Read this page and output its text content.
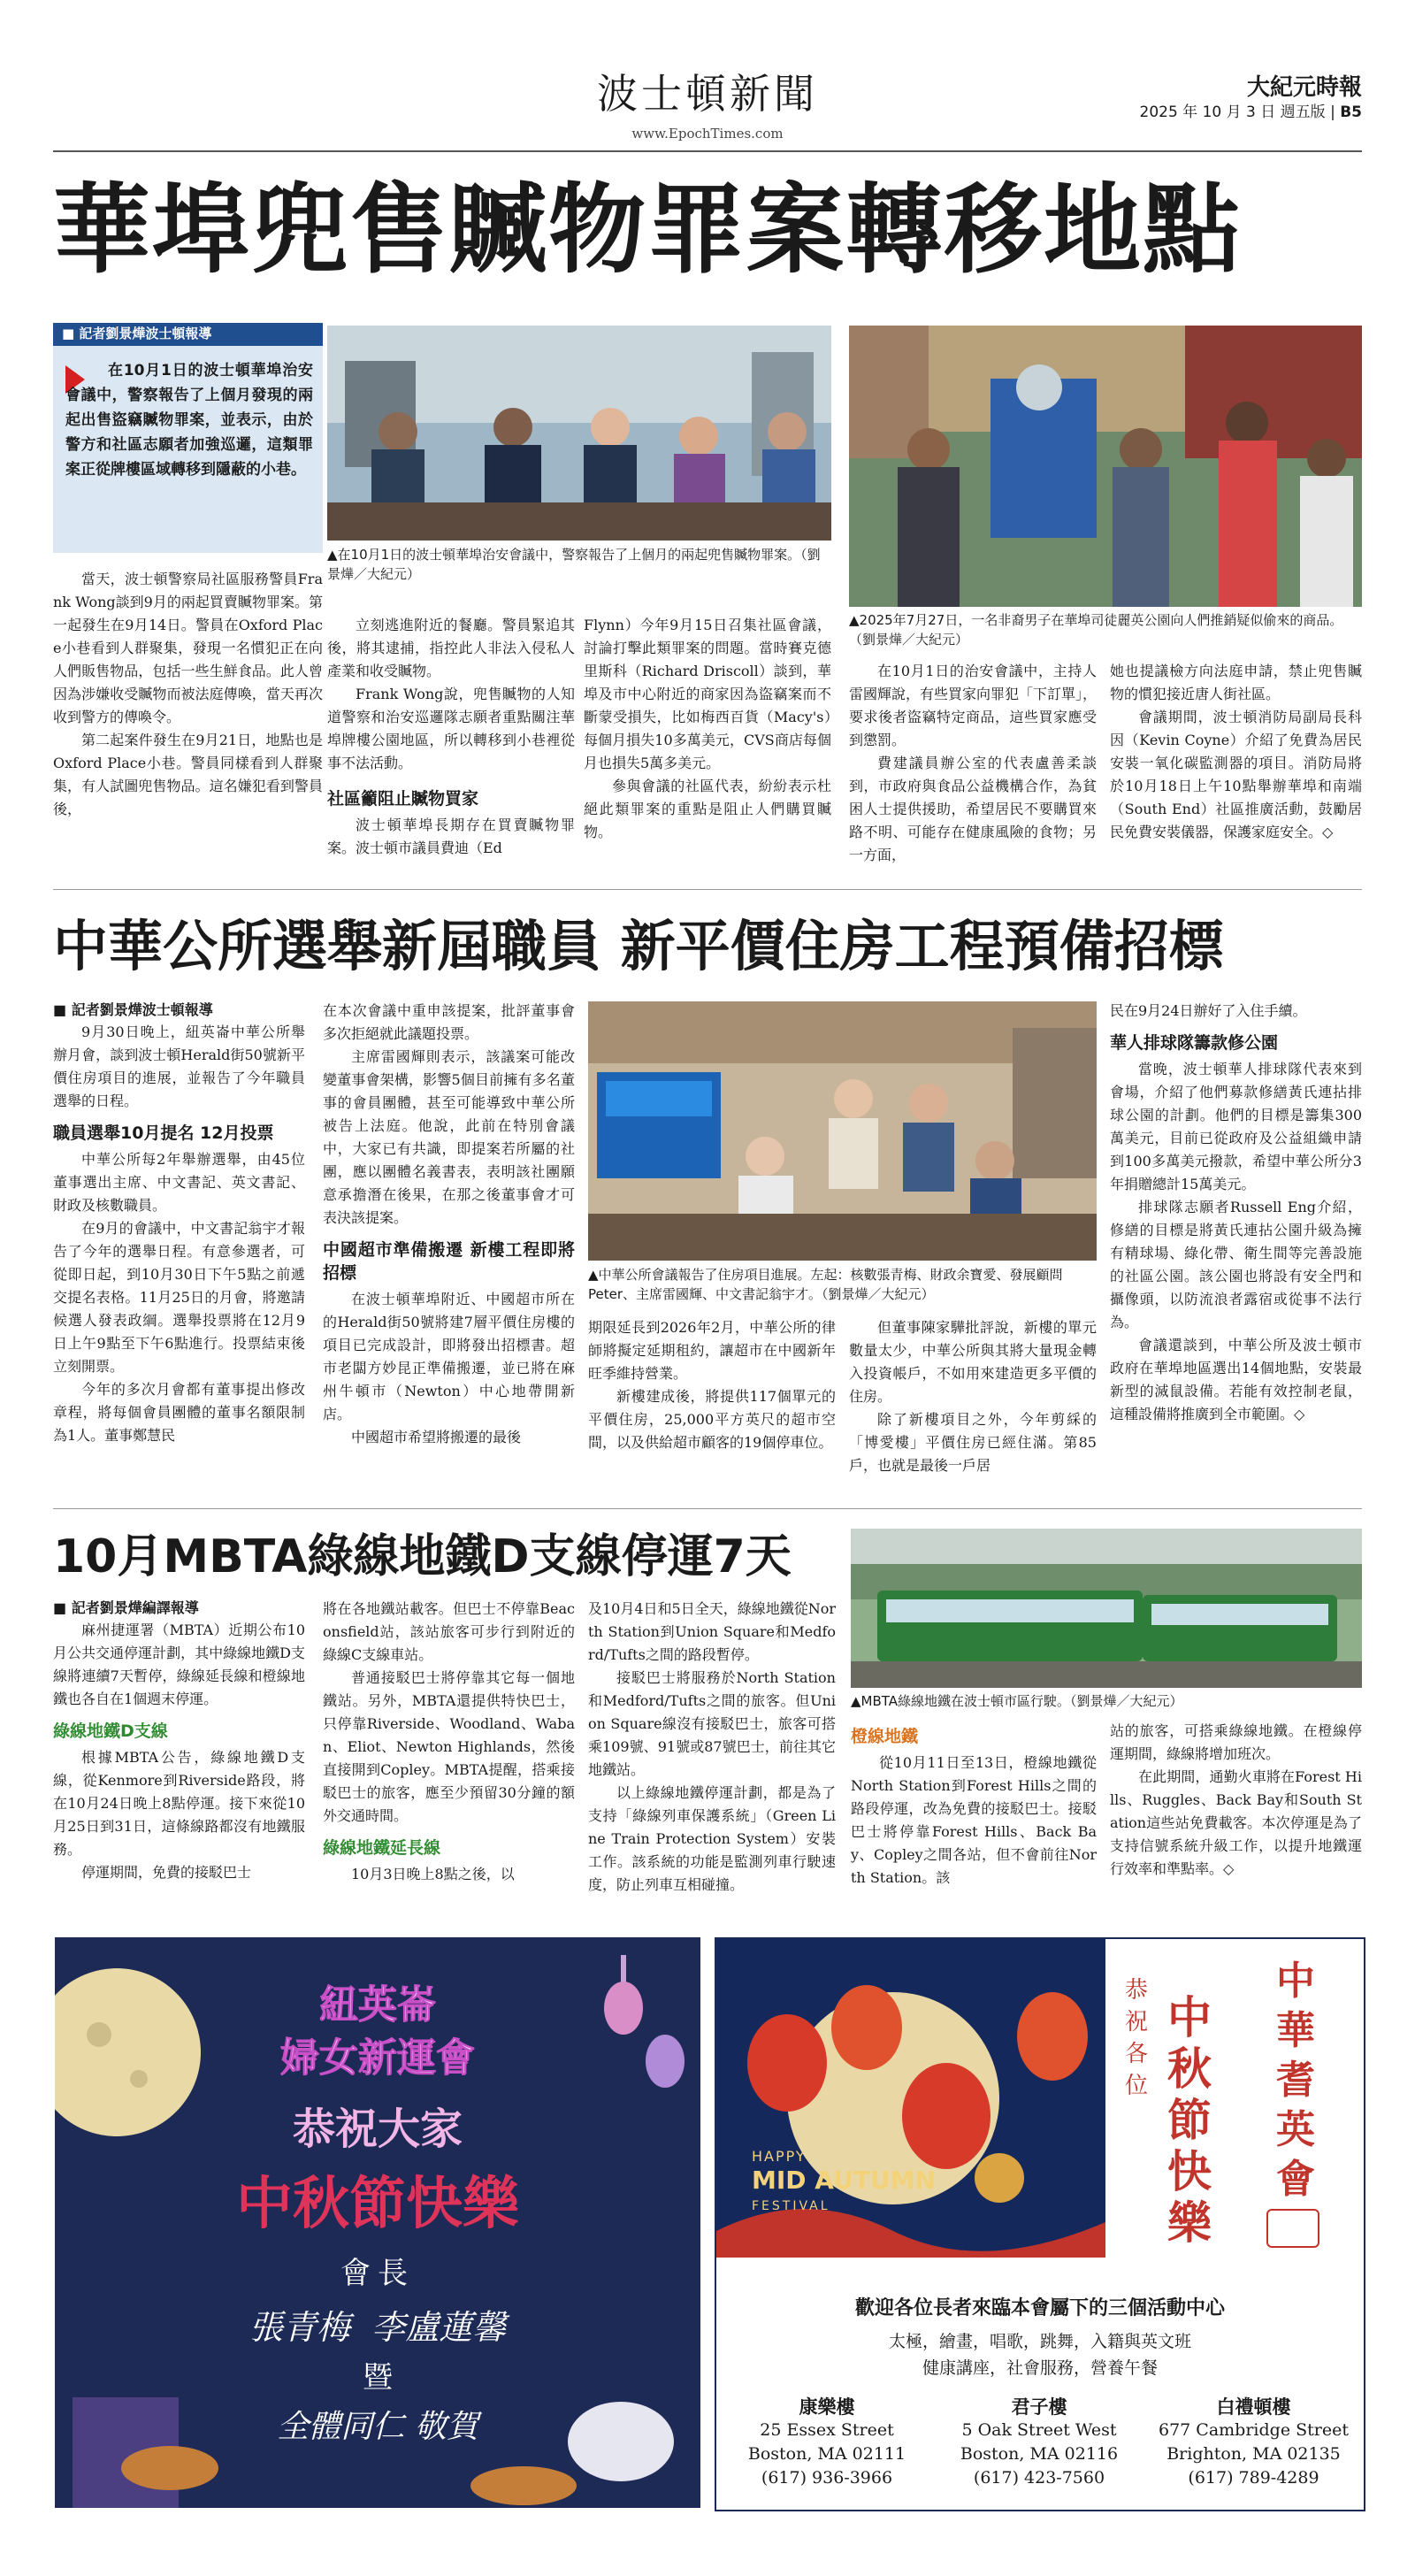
波士頓新聞
www.EpochTimes.com
大紀元時報
2025 年 10 月 3 日 週五版 | B5
華埠兜售贓物罪案轉移地點
■ 記者劉景燁波士頓報導
在10月1日的波士頓華埠治安會議中，警察報告了上個月發現的兩起出售盜竊贓物罪案，並表示，由於警方和社區志願者加強巡邏，這類罪案正從牌樓區域轉移到隱蔽的小巷。
▲在10月1日的波士頓華埠治安會議中，警察報告了上個月的兩起兜售贓物罪案。（劉景燁／大紀元）
▲2025年7月27日，一名非裔男子在華埠司徒麗英公園向人們推銷疑似偷來的商品。（劉景燁／大紀元）

當天，波士頓警察局社區服務警員Frank Wong談到9月的兩起買賣贓物罪案。第一起發生在9月14日。警員在Oxford Place小巷看到人群聚集，發現一名慣犯正在向人們販售物品，包括一些生鮮食品。此人曾因為涉嫌收受贓物而被法庭傳喚，當天再次收到警方的傳喚令。

第二起案件發生在9月21日，地點也是Oxford Place小巷。警員同樣看到人群聚集，有人試圖兜售物品。這名嫌犯看到警員後，

立刻逃進附近的餐廳。警員緊追其後，將其逮捕，指控此人非法入侵私人產業和收受贓物。

Frank Wong說，兜售贓物的人知道警察和治安巡邏隊志願者重點關注華埠牌樓公園地區，所以轉移到小巷裡從事不法活動。

社區籲阻止贓物買家

波士頓華埠長期存在買賣贓物罪案。波士頓市議員費迪（Ed

Flynn）今年9月15日召集社區會議，討論打擊此類罪案的問題。當時賽克德里斯科（Richard Driscoll）談到，華埠及市中心附近的商家因為盜竊案而不斷蒙受損失，比如梅西百貨（Macy's）每個月損失10多萬美元，CVS商店每個月也損失5萬多美元。

參與會議的社區代表，紛紛表示杜絕此類罪案的重點是阻止人們購買贓物。

在10月1日的治安會議中，主持人雷國輝說，有些買家向罪犯「下訂單」，要求後者盜竊特定商品，這些買家應受到懲罰。

費建議員辦公室的代表盧善柔談到，市政府與食品公益機構合作，為貧困人士提供援助，希望居民不要購買來路不明、可能存在健康風險的食物；另一方面，

她也提議檢方向法庭申請，禁止兜售贓物的慣犯接近唐人街社區。

會議期間，波士頓消防局副局長科因（Kevin Coyne）介紹了免費為居民安裝一氧化碳監測器的項目。消防局將於10月18日上午10點舉辦華埠和南端（South End）社區推廣活動，鼓勵居民免費安裝儀器，保護家庭安全。◇

中華公所選舉新屆職員 新平價住房工程預備招標
■ 記者劉景燁波士頓報導

9月30日晚上，紐英崙中華公所舉辦月會，談到波士頓Herald街50號新平價住房項目的進展，並報告了今年職員選舉的日程。

職員選舉10月提名 12月投票

中華公所每2年舉辦選舉，由45位董事選出主席、中文書記、英文書記、財政及核數職員。

在9月的會議中，中文書記翁宇才報告了今年的選舉日程。有意參選者，可從即日起，到10月30日下午5點之前遞交提名表格。11月25日的月會，將邀請候選人發表政綱。選舉投票將在12月9日上午9點至下午6點進行。投票結束後立刻開票。

今年的多次月會都有董事提出修改章程，將每個會員團體的董事名額限制為1人。董事鄭慧民

在本次會議中重申該提案，批評董事會多次拒絕就此議題投票。

主席雷國輝則表示，該議案可能改變董事會架構，影響5個目前擁有多名董事的會員團體，甚至可能導致中華公所被告上法庭。他說，此前在特別會議中，大家已有共識，即提案若所屬的社團，應以團體名義書表，表明該社團願意承擔潛在後果，在那之後董事會才可表決該提案。

中國超市準備搬遷 新樓工程即將招標

在波士頓華埠附近、中國超市所在的Herald街50號將建7層平價住房樓的項目已完成設計，即將發出招標書。超市老闆方妙昆正準備搬遷，並已將在麻州牛頓市（Newton）中心地帶開新店。

中國超市希望將搬遷的最後

▲中華公所會議報告了住房項目進展。左起：核數張青梅、財政余寶愛、發展顧問Peter、主席雷國輝、中文書記翁宇才。（劉景燁／大紀元）

期限延長到2026年2月，中華公所的律師將擬定延期租約，讓超市在中國新年旺季維持營業。

新樓建成後，將提供117個單元的平價住房，25,000平方英尺的超市空間，以及供給超市顧客的19個停車位。

但董事陳家驊批評說，新樓的單元數量太少，中華公所與其將大量現金轉入投資帳戶，不如用來建造更多平價的住房。

除了新樓項目之外，今年剪綵的「博愛樓」平價住房已經住滿。第85戶，也就是最後一戶居

民在9月24日辦好了入住手續。

華人排球隊籌款修公園

當晚，波士頓華人排球隊代表來到會場，介紹了他們募款修繕黃氏連拈排球公園的計劃。他們的目標是籌集300萬美元，目前已從政府及公益組織申請到100多萬美元撥款，希望中華公所分3年捐贈總計15萬美元。

排球隊志願者Russell Eng介紹，修繕的目標是將黃氏連拈公園升級為擁有精球場、綠化帶、衛生間等完善設施的社區公園。該公園也將設有安全門和攝像頭，以防流浪者露宿或從事不法行為。

會議還談到，中華公所及波士頓市政府在華埠地區選出14個地點，安裝最新型的滅鼠設備。若能有效控制老鼠，這種設備將推廣到全市範圍。◇

10月MBTA綠線地鐵D支線停運7天
■ 記者劉景燁編譯報導

麻州捷運署（MBTA）近期公布10月公共交通停運計劃，其中綠線地鐵D支線將連續7天暫停，綠線延長線和橙線地鐵也各自在1個週末停運。

綠線地鐵D支線

根據MBTA公告，綠線地鐵D支線，從Kenmore到Riverside路段，將在10月24日晚上8點停運。接下來從10月25日到31日，這條線路都沒有地鐵服務。

停運期間，免費的接駁巴士

將在各地鐵站載客。但巴士不停靠Beaconsfield站，該站旅客可步行到附近的綠線C支線車站。

普通接駁巴士將停靠其它每一個地鐵站。另外，MBTA還提供特快巴士，只停靠Riverside、Woodland、Waban、Eliot、Newton Highlands，然後直接開到Copley。MBTA提醒，搭乘接駁巴士的旅客，應至少預留30分鐘的額外交通時間。

綠線地鐵延長線

10月3日晚上8點之後，以

及10月4日和5日全天，綠線地鐵從North Station到Union Square和Medford/Tufts之間的路段暫停。

接駁巴士將服務於North Station和Medford/Tufts之間的旅客。但Union Square線沒有接駁巴士，旅客可搭乘109號、91號或87號巴士，前往其它地鐵站。

以上綠線地鐵停運計劃，都是為了支持「綠線列車保護系統」（Green Line Train Protection System）安裝工作。該系統的功能是監測列車行駛速度，防止列車互相碰撞。

▲MBTA綠線地鐵在波士頓市區行駛。（劉景燁／大紀元）
橙線地鐵

從10月11日至13日，橙線地鐵從North Station到Forest Hills之間的路段停運，改為免費的接駁巴士。接駁巴士將停靠Forest Hills、Back Bay、Copley之間各站，但不會前往North Station。該

站的旅客，可搭乘綠線地鐵。在橙線停運期間，綠線將增加班次。

在此期間，通勤火車將在Forest Hills、Ruggles、Back Bay和South Station這些站免費載客。本次停運是為了支持信號系統升級工作，以提升地鐵運行效率和準點率。◇

紐英崙
婦女新運會
恭祝大家
中秋節快樂
會長
張青梅  李盧蓮馨
暨
全體同仁 敬賀
HAPPY
MID AUTUMN
FESTIVAL
恭
祝
各
位
中
秋
節
快
樂
中
華
耆
英
會
歡迎各位長者來臨本會屬下的三個活動中心
太極，繪畫，唱歌，跳舞，入籍與英文班
健康講座，社會服務，營養午餐
康樂樓
25 Essex Street
Boston, MA 02111
(617) 936-3966
君子樓
5 Oak Street West
Boston, MA 02116
(617) 423-7560
白禮頓樓
677 Cambridge Street
Brighton, MA 02135
(617) 789-4289
